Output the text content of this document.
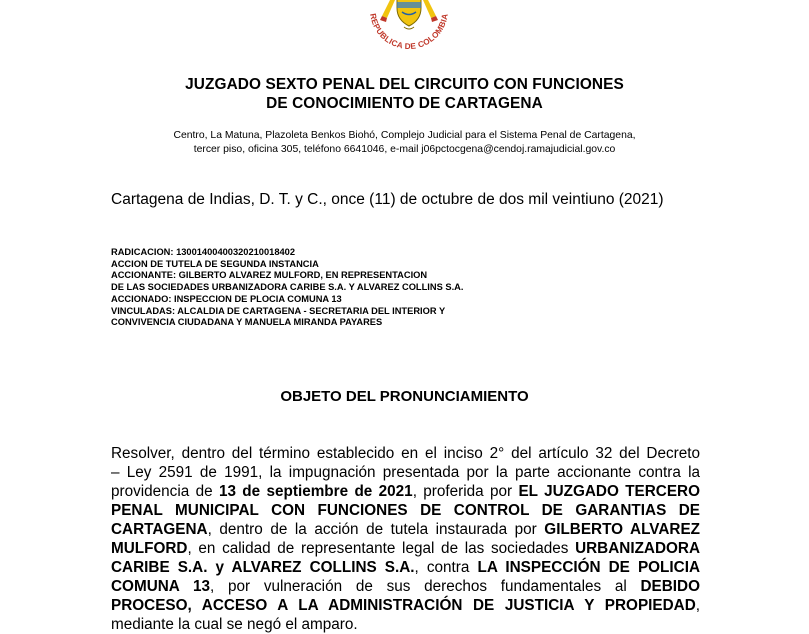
REPUBLICA DE COLOMBIA
JUZGADO SEXTO PENAL DEL CIRCUITO CON FUNCIONES
DE CONOCIMIENTO DE CARTAGENA
Centro, La Matuna, Plazoleta Benkos Biohó, Complejo Judicial para el Sistema Penal de Cartagena,
tercer piso, oficina 305, teléfono 6641046, e-mail j06pctocgena@cendoj.ramajudicial.gov.co
Cartagena de Indias, D. T. y C., once (11) de octubre de dos mil veintiuno (2021)
RADICACION: 13001400400320210018402
ACCION DE TUTELA DE SEGUNDA INSTANCIA
ACCIONANTE: GILBERTO ALVAREZ MULFORD, EN REPRESENTACION
DE LAS SOCIEDADES URBANIZADORA CARIBE S.A. Y ALVAREZ COLLINS S.A.
ACCIONADO: INSPECCION DE PLOCIA COMUNA 13
VINCULADAS: ALCALDIA DE CARTAGENA - SECRETARIA DEL INTERIOR Y
CONVIVENCIA CIUDADANA Y MANUELA MIRANDA PAYARES
OBJETO DEL PRONUNCIAMIENTO
Resolver, dentro del término establecido en el inciso 2° del artículo 32 del Decreto
– Ley 2591 de 1991, la impugnación presentada por la parte accionante contra la
providencia de 13 de septiembre de 2021, proferida por EL JUZGADO TERCERO
PENAL MUNICIPAL CON FUNCIONES DE CONTROL DE GARANTIAS DE
CARTAGENA, dentro de la acción de tutela instaurada por GILBERTO ALVAREZ
MULFORD, en calidad de representante legal de las sociedades URBANIZADORA
CARIBE S.A. y ALVAREZ COLLINS S.A., contra LA INSPECCIÓN DE POLICIA
COMUNA 13, por vulneración de sus derechos fundamentales al DEBIDO
PROCESO, ACCESO A LA ADMINISTRACIÓN DE JUSTICIA Y PROPIEDAD,
mediante la cual se negó el amparo.
